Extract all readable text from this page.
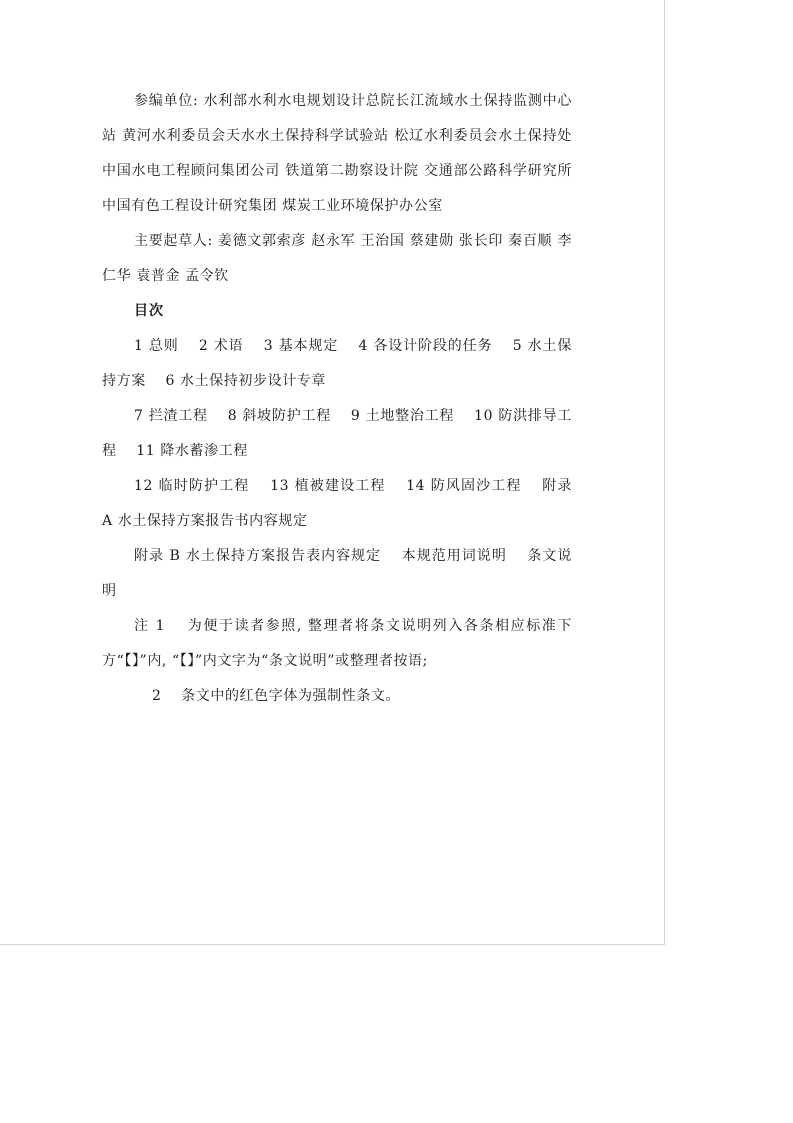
参编单位: 水利部水利水电规划设计总院长江流域水土保持监测中心站 黄河水利委员会天水水土保持科学试验站 松辽水利委员会水土保持处 中国水电工程顾问集团公司 铁道第二勘察设计院 交通部公路科学研究所中国有色工程设计研究集团 煤炭工业环境保护办公室

主要起草人: 姜德文郭索彦 赵永军 王治国 蔡建勋 张长印 秦百顺 李仁华 袁普金 孟令钦

目次

1 总则　 2 术语　 3 基本规定　 4 各设计阶段的任务　 5 水土保持方案　 6 水土保持初步设计专章

7 拦渣工程　 8 斜坡防护工程　 9 土地整治工程　 10 防洪排导工程　 11 降水蓄渗工程

12 临时防护工程　 13 植被建设工程　 14 防风固沙工程　 附录 A 水土保持方案报告书内容规定

附录 B 水土保持方案报告表内容规定　 本规范用词说明　 条文说明

注 1　 为便于读者参照, 整理者将条文说明列入各条相应标准下方“【】”内, “【】”内文字为“条文说明”或整理者按语;

2　 条文中的红色字体为强制性条文。
